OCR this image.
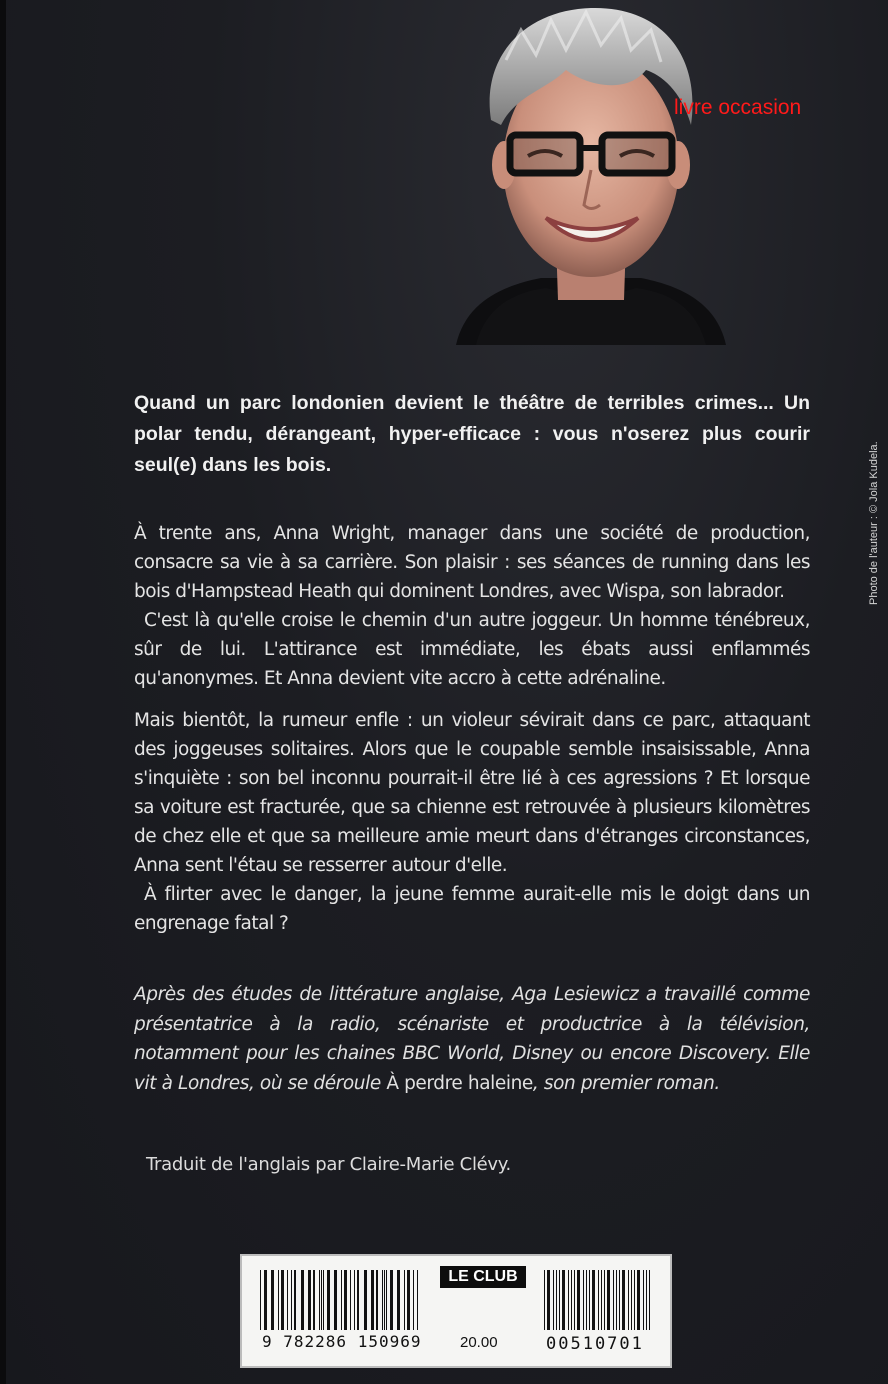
livre occasion
Photo de l'auteur : © Jola Kudela.
Quand un parc londonien devient le théâtre de terribles crimes... Un polar tendu, dérangeant, hyper-efficace : vous n'oserez plus courir seul(e) dans les bois.

À trente ans, Anna Wright, manager dans une société de production, consacre sa vie à sa carrière. Son plaisir : ses séances de running dans les bois d'Hampstead Heath qui dominent Londres, avec Wispa, son labrador.

C'est là qu'elle croise le chemin d'un autre joggeur. Un homme ténébreux, sûr de lui. L'attirance est immédiate, les ébats aussi enflammés qu'anonymes. Et Anna devient vite accro à cette adrénaline.

Mais bientôt, la rumeur enfle : un violeur sévirait dans ce parc, attaquant des joggeuses solitaires. Alors que le coupable semble insaisissable, Anna s'inquiète : son bel inconnu pourrait-il être lié à ces agressions ? Et lorsque sa voiture est fracturée, que sa chienne est retrouvée à plusieurs kilomètres de chez elle et que sa meilleure amie meurt dans d'étranges circonstances, Anna sent l'étau se resserrer autour d'elle.

À flirter avec le danger, la jeune femme aurait-elle mis le doigt dans un engrenage fatal ?

Après des études de littérature anglaise, Aga Lesiewicz a travaillé comme présentatrice à la radio, scénariste et productrice à la télévision, notamment pour les chaines BBC World, Disney ou encore Discovery. Elle vit à Londres, où se déroule À perdre haleine, son premier roman.
Traduit de l'anglais par Claire-Marie Clévy.
LE CLUB
9 782286 150969	20.00	00510701
